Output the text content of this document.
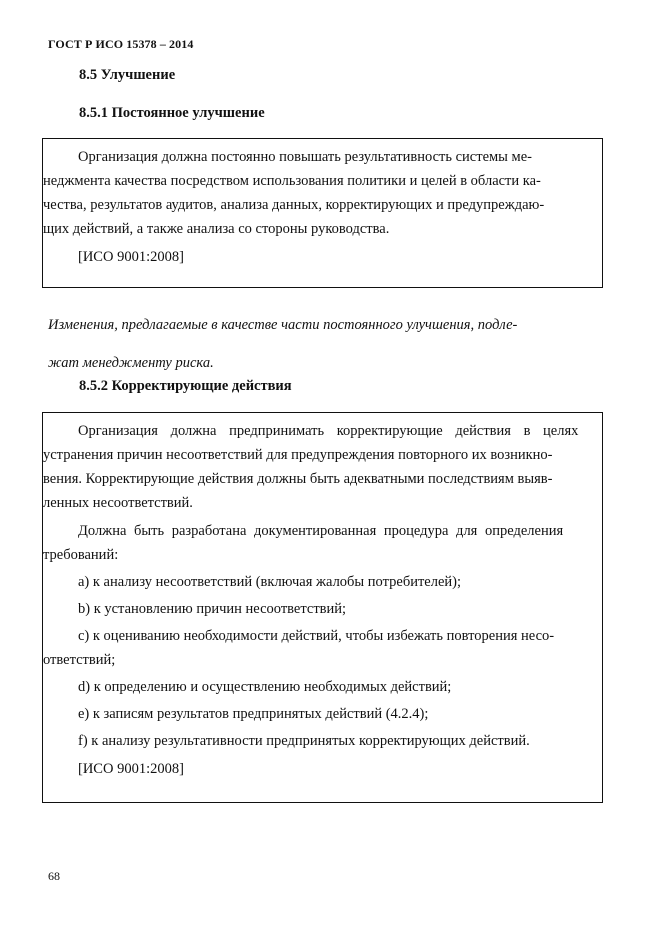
ГОСТ Р ИСО 15378 – 2014
8.5 Улучшение
8.5.1 Постоянное улучшение

Организация должна постоянно повышать результативность системы ме-

неджмента качества посредством использования политики и целей в области ка-

чества, результатов аудитов, анализа данных, корректирующих и предупреждаю-

щих действий, а также анализа со стороны руководства.

[ИСО 9001:2008]

Изменения, предлагаемые в качестве части постоянного улучшения, подле-

жат менеджменту риска.

8.5.2 Корректирующие действия

Организация должна предпринимать корректирующие действия в целях

устранения причин несоответствий для предупреждения повторного их возникно-

вения. Корректирующие действия должны быть адекватными последствиям выяв-

ленных несоответствий.

Должна быть разработана документированная процедура для определения

требований:

a) к анализу несоответствий (включая жалобы потребителей);

b) к установлению причин несоответствий;

c) к оцениванию необходимости действий, чтобы избежать повторения несо-

ответствий;

d) к определению и осуществлению необходимых действий;

e) к записям результатов предпринятых действий (4.2.4);

f) к анализу результативности предпринятых корректирующих действий.

[ИСО 9001:2008]

68
